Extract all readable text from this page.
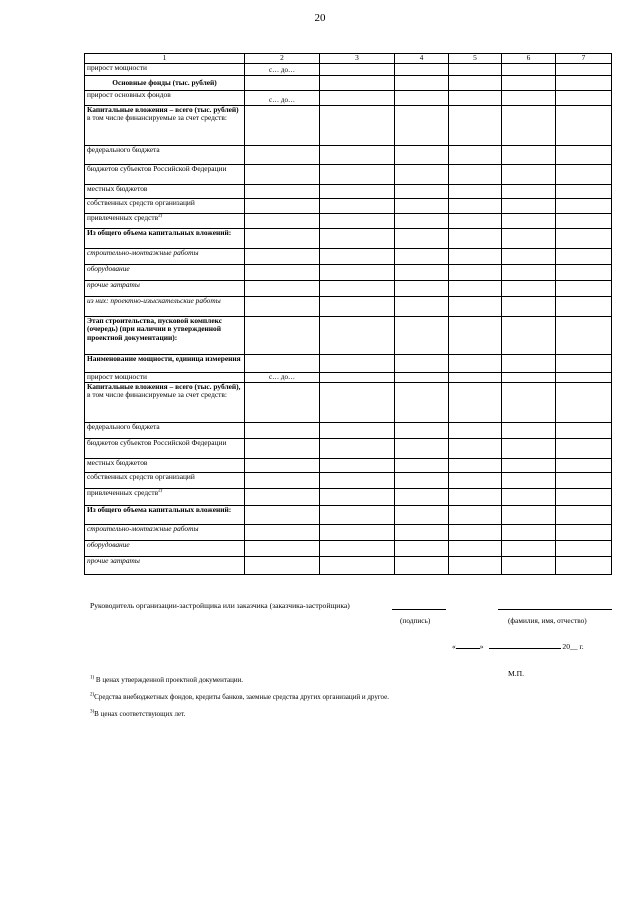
20
1	2	3	4	5	6	7
прирост мощности	с… до…					
Основные фонды (тыс. рублей)						
прирост основных фондов	с… до…					
Капитальные вложения – всего (тыс. рублей)
в том числе финансируемые за счет средств:						

федерального бюджета						
бюджетов субъектов Российской Федерации						
местных бюджетов						
собственных средств организаций						
привлеченных средств$^{2)}$						
Из общего объема капитальных вложений:						
строительно-монтажные работы						
оборудование						
прочие затраты						
из них: проектно-изыскательские работы						
Этап строительства, пусковой комплекс (очередь) (при наличии в утвержденной проектной документации):						
Наименование мощности, единица измерения						
прирост мощности	с… до…					
Капитальные вложения – всего (тыс. рублей),
в том числе финансируемые за счет средств:						

федерального бюджета						
бюджетов субъектов Российской Федерации						
местных бюджетов						
собственных средств организаций						
привлеченных средств$^{2)}$						
Из общего объема капитальных вложений:						
строительно-монтажные работы						
оборудование						
прочие затраты						
Руководитель организации-застройщика или заказчика (заказчика-застройщика)
(подпись)	(фамилия, имя, отчество)
«	»	20__ г.
М.П.
$^{1)}$ В ценах утвержденной проектной документации.
$^{2)}$Средства внебюджетных фондов, кредиты банков, заемные средства других организаций и другое.
$^{3)}$В ценах соответствующих лет.
